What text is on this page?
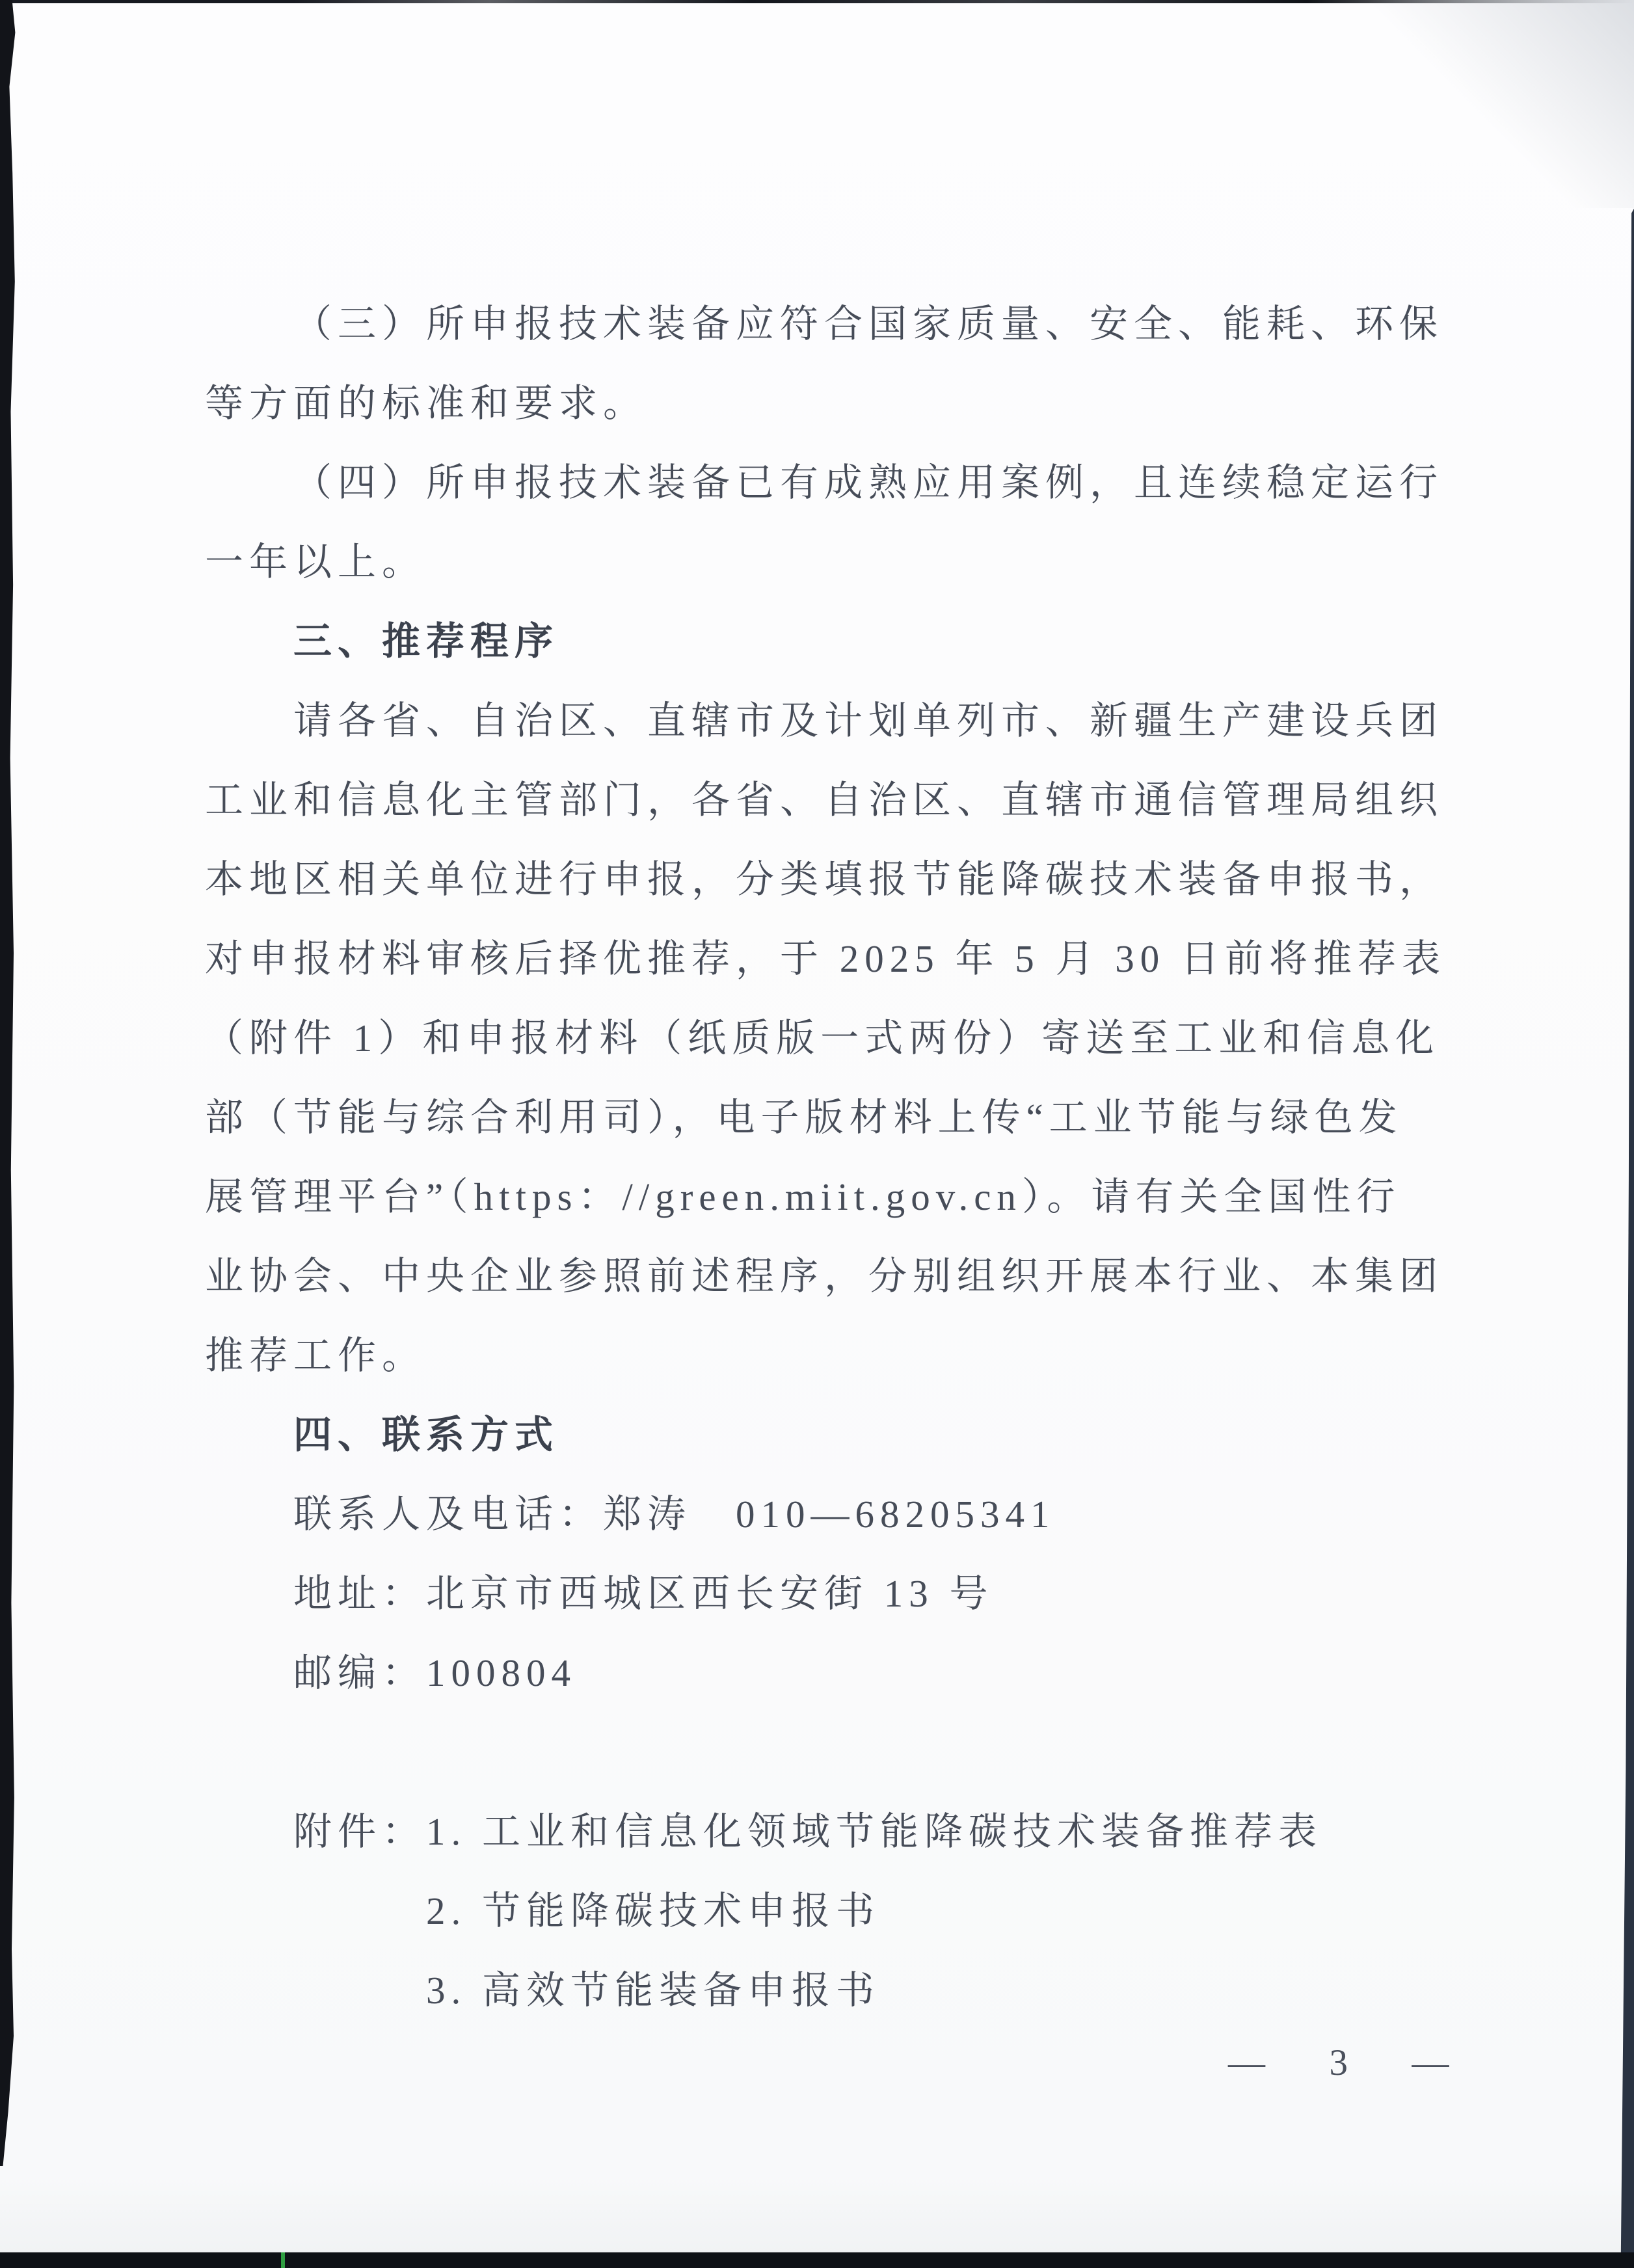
（三）所申报技术装备应符合国家质量、安全、能耗、环保
等方面的标准和要求。
（四）所申报技术装备已有成熟应用案例，且连续稳定运行
一年以上。
三、推荐程序
请各省、自治区、直辖市及计划单列市、新疆生产建设兵团
工业和信息化主管部门，各省、自治区、直辖市通信管理局组织
本地区相关单位进行申报，分类填报节能降碳技术装备申报书，
对申报材料审核后择优推荐，于 2025 年 5 月 30 日前将推荐表
（附件 1）和申报材料（纸质版一式两份）寄送至工业和信息化
部（节能与综合利用司），电子版材料上传“工业节能与绿色发
展管理平台”（https：//green.miit.gov.cn）。请有关全国性行
业协会、中央企业参照前述程序，分别组织开展本行业、本集团
推荐工作。
四、联系方式
联系人及电话：郑涛　010—68205341
地址：北京市西城区西长安街 13 号
邮编：100804
附件：1. 工业和信息化领域节能降碳技术装备推荐表
2. 节能降碳技术申报书
3. 高效节能装备申报书
—  3  —
